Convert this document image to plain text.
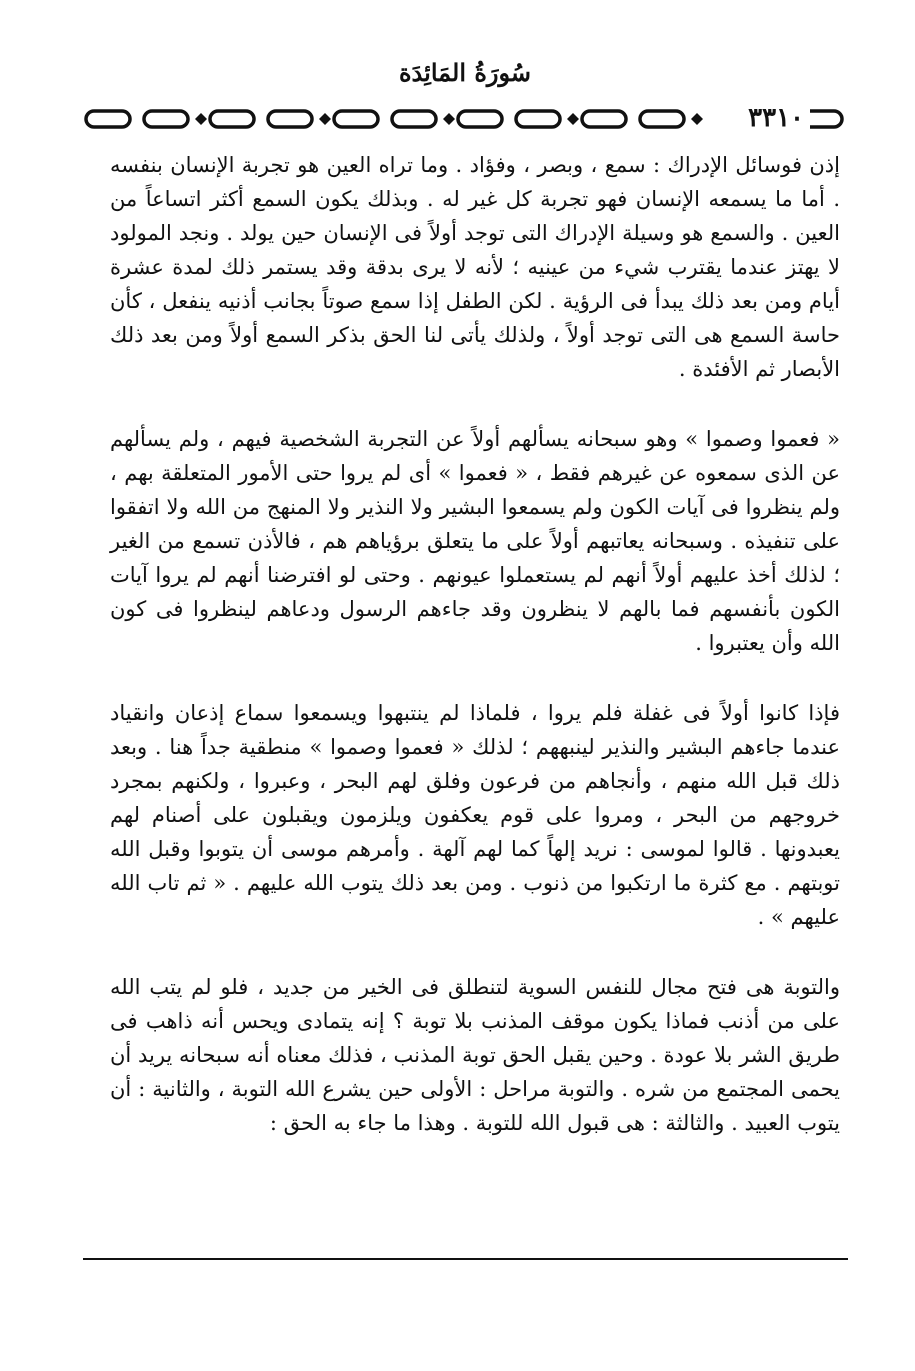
سُورَةُ المَائِدَة
٣٣١٠

إذن فوسائل الإدراك : سمع ، وبصر ، وفؤاد . وما تراه العين هو تجربة الإنسان بنفسه . أما ما يسمعه الإنسان فهو تجربة كل غير له . وبذلك يكون السمع أكثر اتساعاً من العين . والسمع هو وسيلة الإدراك التى توجد أولاً فى الإنسان حين يولد . ونجد المولود لا يهتز عندما يقترب شيء من عينيه ؛ لأنه لا يرى بدقة وقد يستمر ذلك لمدة عشرة أيام ومن بعد ذلك يبدأ فى الرؤية . لكن الطفل إذا سمع صوتاً بجانب أذنيه ينفعل ، كأن حاسة السمع هى التى توجد أولاً ، ولذلك يأتى لنا الحق بذكر السمع أولاً ومن بعد ذلك الأبصار ثم الأفئدة .

« فعموا وصموا » وهو سبحانه يسألهم أولاً عن التجربة الشخصية فيهم ، ولم يسألهم عن الذى سمعوه عن غيرهم فقط ، « فعموا » أى لم يروا حتى الأمور المتعلقة بهم ، ولم ينظروا فى آيات الكون ولم يسمعوا البشير ولا النذير ولا المنهج من الله ولا اتفقوا على تنفيذه . وسبحانه يعاتبهم أولاً على ما يتعلق برؤياهم هم ، فالأذن تسمع من الغير ؛ لذلك أخذ عليهم أولاً أنهم لم يستعملوا عيونهم . وحتى لو افترضنا أنهم لم يروا آيات الكون بأنفسهم فما بالهم لا ينظرون وقد جاءهم الرسول ودعاهم لينظروا فى كون الله وأن يعتبروا .

فإذا كانوا أولاً فى غفلة فلم يروا ، فلماذا لم ينتبهوا ويسمعوا سماع إذعان وانقياد عندما جاءهم البشير والنذير لينبههم ؛ لذلك « فعموا وصموا » منطقية جداً هنا . وبعد ذلك قبل الله منهم ، وأنجاهم من فرعون وفلق لهم البحر ، وعبروا ، ولكنهم بمجرد خروجهم من البحر ، ومروا على قوم يعكفون ويلزمون ويقبلون على أصنام لهم يعبدونها . قالوا لموسى : نريد إلهاً كما لهم آلهة . وأمرهم موسى أن يتوبوا وقبل الله توبتهم . مع كثرة ما ارتكبوا من ذنوب . ومن بعد ذلك يتوب الله عليهم . « ثم تاب الله عليهم » .

والتوبة هى فتح مجال للنفس السوية لتنطلق فى الخير من جديد ، فلو لم يتب الله على من أذنب فماذا يكون موقف المذنب بلا توبة ؟ إنه يتمادى ويحس أنه ذاهب فى طريق الشر بلا عودة . وحين يقبل الحق توبة المذنب ، فذلك معناه أنه سبحانه يريد أن يحمى المجتمع من شره . والتوبة مراحل : الأولى حين يشرع الله التوبة ، والثانية : أن يتوب العبيد . والثالثة : هى قبول الله للتوبة . وهذا ما جاء به الحق :
